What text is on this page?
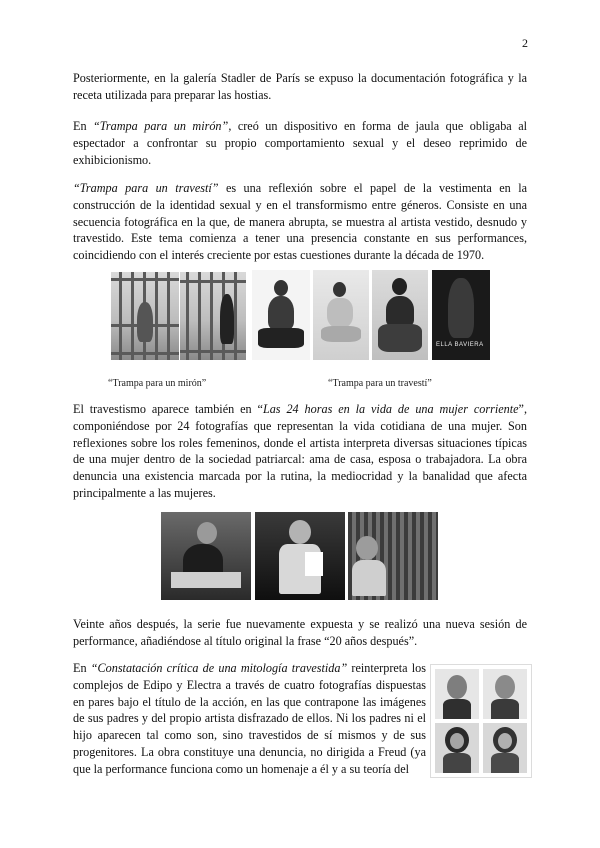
2

Posteriormente, en la galería Stadler de París se expuso la documentación fotográfica y la receta utilizada para preparar las hostias.

En “Trampa para un mirón”, creó un dispositivo en forma de jaula que obligaba al espectador a confrontar su propio comportamiento sexual y el deseo reprimido de exhibicionismo.

“Trampa para un travestí” es una reflexión sobre el papel de la vestimenta en la construcción de la identidad sexual y en el transformismo entre géneros. Consiste en una secuencia fotográfica en la que, de manera abrupta, se muestra al artista vestido, desnudo y travestido. Este tema comienza a tener una presencia constante en sus performances, coincidiendo con el interés creciente por estas cuestiones durante la década de 1970.

ELLA BAVIERA
“Trampa para un mirón”	“Trampa para un travestí”

El travestismo aparece también en “Las 24 horas en la vida de una mujer corriente”, componiéndose por 24 fotografías que representan la vida cotidiana de una mujer. Son reflexiones sobre los roles femeninos, donde el artista interpreta diversas situaciones típicas de una mujer dentro de la sociedad patriarcal: ama de casa, esposa o trabajadora. La obra denuncia una existencia marcada por la rutina, la mediocridad y la banalidad que afecta principalmente a las mujeres.

Veinte años después, la serie fue nuevamente expuesta y se realizó una nueva sesión de performance, añadiéndose al título original la frase “20 años después”.

En “Constatación crítica de una mitología travestida” reinterpreta los complejos de Edipo y Electra a través de cuatro fotografías dispuestas en pares bajo el título de la acción, en las que contrapone las imágenes de sus padres y del propio artista disfrazado de ellos. Ni los padres ni el hijo aparecen tal como son, sino travestidos de sí mismos y de sus progenitores. La obra constituye una denuncia, no dirigida a Freud (ya que la performance funciona como un homenaje a él y a su teoría del
